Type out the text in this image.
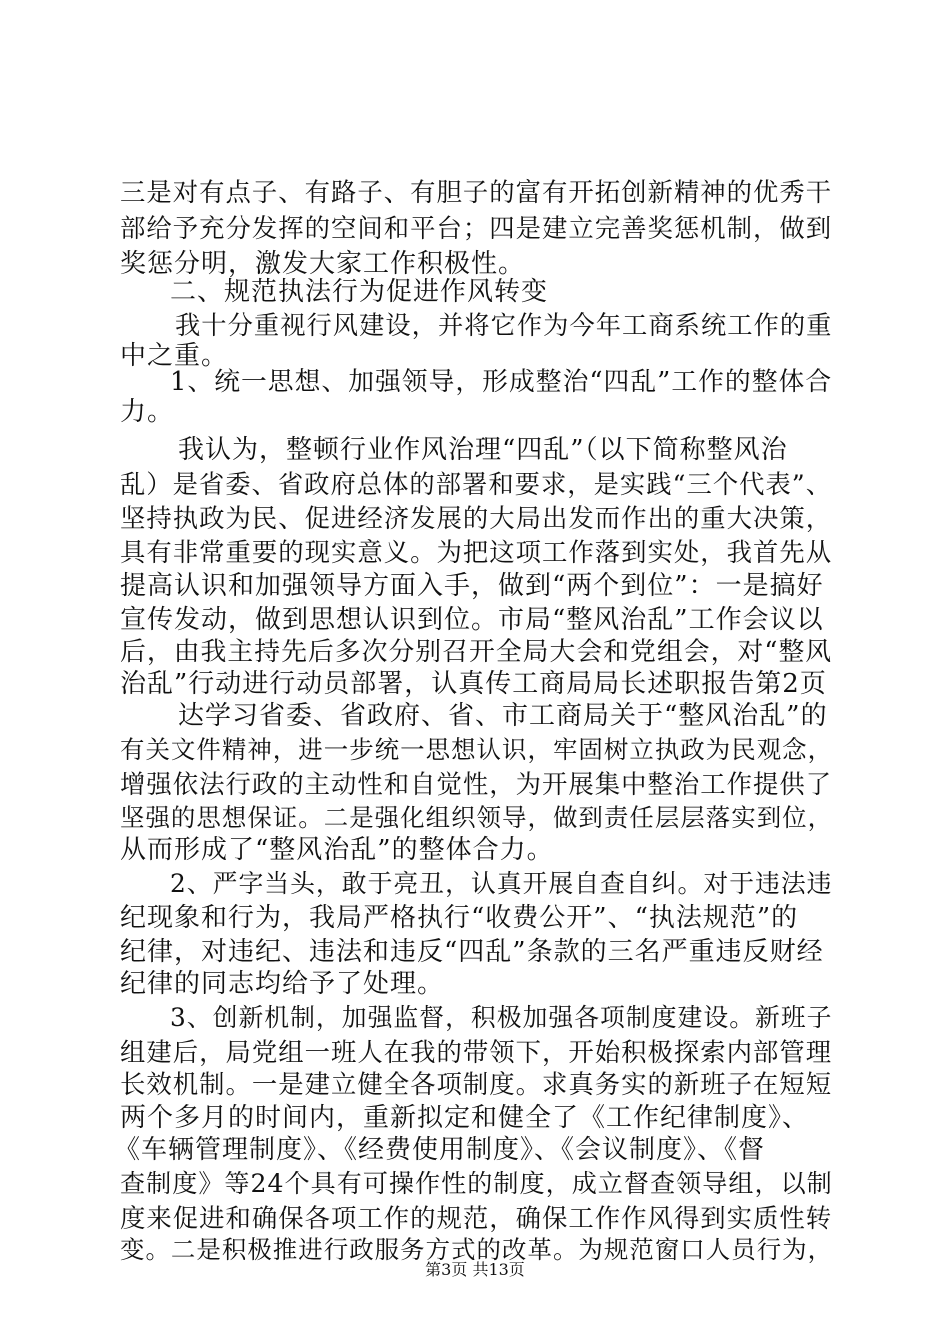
三是对有点子、有路子、有胆子的富有开拓创新精神的优秀干
部给予充分发挥的空间和平台；四是建立完善奖惩机制，做到
奖惩分明，激发大家工作积极性。
二、规范执法行为促进作风转变
我十分重视行风建设，并将它作为今年工商系统工作的重
中之重。
1、统一思想、加强领导，形成整治“四乱”工作的整体合
力。
我认为，整顿行业作风治理“四乱”（以下简称整风治
乱）是省委、省政府总体的部署和要求，是实践“三个代表”、
坚持执政为民、促进经济发展的大局出发而作出的重大决策，
具有非常重要的现实意义。为把这项工作落到实处，我首先从
提高认识和加强领导方面入手，做到“两个到位”：一是搞好
宣传发动，做到思想认识到位。市局“整风治乱”工作会议以
后，由我主持先后多次分别召开全局大会和党组会，对“整风
治乱”行动进行动员部署，认真传工商局局长述职报告第2页
达学习省委、省政府、省、市工商局关于“整风治乱”的
有关文件精神，进一步统一思想认识，牢固树立执政为民观念，
增强依法行政的主动性和自觉性，为开展集中整治工作提供了
坚强的思想保证。二是强化组织领导，做到责任层层落实到位，
从而形成了“整风治乱”的整体合力。
2、严字当头，敢于亮丑，认真开展自查自纠。对于违法违
纪现象和行为，我局严格执行“收费公开”、“执法规范”的
纪律，对违纪、违法和违反“四乱”条款的三名严重违反财经
纪律的同志均给予了处理。
3、创新机制，加强监督，积极加强各项制度建设。新班子
组建后，局党组一班人在我的带领下，开始积极探索内部管理
长效机制。一是建立健全各项制度。求真务实的新班子在短短
两个多月的时间内，重新拟定和健全了《工作纪律制度》、
《车辆管理制度》、《经费使用制度》、《会议制度》、《督
查制度》等24个具有可操作性的制度，成立督查领导组，以制
度来促进和确保各项工作的规范，确保工作作风得到实质性转
变。二是积极推进行政服务方式的改革。为规范窗口人员行为，
第3页 共13页
